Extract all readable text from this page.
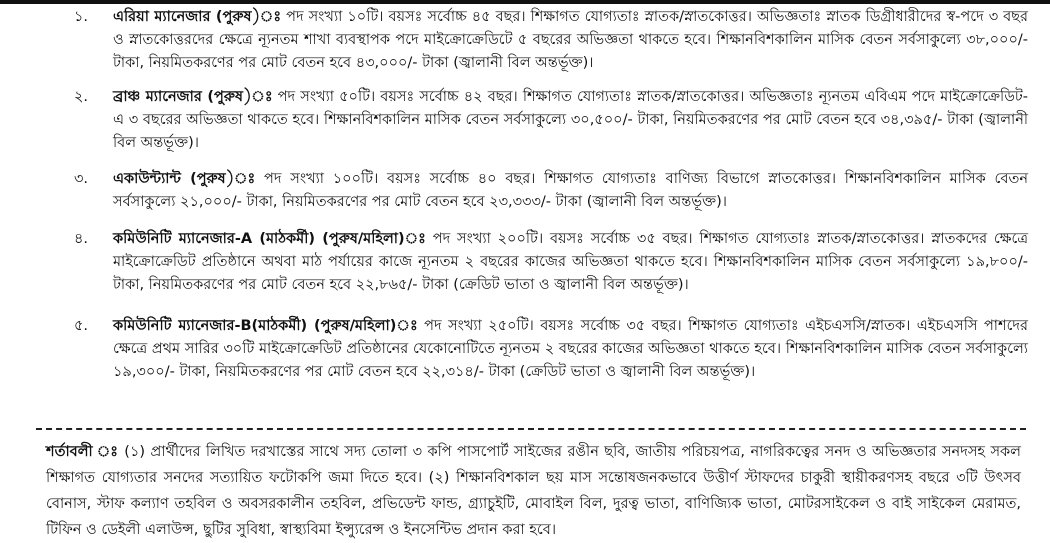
১. এরিয়া ম্যানেজার (পুরুষ)ঃ পদ সংখ্যা ১০টি। বয়সঃ সর্বোচ্চ ৪৫ বছর। শিক্ষাগত যোগ্যতাঃ স্নাতক/স্নাতকোত্তর। অভিজ্ঞতাঃ স্নাতক ডিগ্রীধারীদের স্ব-পদে ৩ বছর ও স্নাতকোত্তরদের ক্ষেত্রে ন্যূনতম শাখা ব্যবস্থাপক পদে মাইক্রোক্রেডিটে ৫ বছরের অভিজ্ঞতা থাকতে হবে। শিক্ষানবিশকালিন মাসিক বেতন সর্বসাকুল্যে ৩৮,০০০/-টাকা, নিয়মিতকরণের পর মোট বেতন হবে ৪৩,০০০/- টাকা (জ্বালানী বিল অন্তর্ভূক্ত)।
২. ব্রাঞ্চ ম্যানেজার (পুরুষ)ঃ পদ সংখ্যা ৫০টি। বয়সঃ সর্বোচ্চ ৪২ বছর। শিক্ষাগত যোগ্যতাঃ স্নাতক/স্নাতকোত্তর। অভিজ্ঞতাঃ ন্যূনতম এবিএম পদে মাইক্রোক্রেডিট-এ ৩ বছরের অভিজ্ঞতা থাকতে হবে। শিক্ষানবিশকালিন মাসিক বেতন সর্বসাকুল্যে ৩০,৫০০/- টাকা, নিয়মিতকরণের পর মোট বেতন হবে ৩৪,৩৯৫/- টাকা (জ্বালানী বিল অন্তর্ভূক্ত)।
৩. একাউন্ট্যান্ট (পুরুষ)ঃ পদ সংখ্যা ১০০টি। বয়সঃ সর্বোচ্চ ৪০ বছর। শিক্ষাগত যোগ্যতাঃ বাণিজ্য বিভাগে স্নাতকোত্তর। শিক্ষানবিশকালিন মাসিক বেতন সর্বসাকুল্যে ২১,০০০/- টাকা, নিয়মিতকরণের পর মোট বেতন হবে ২৩,৩৩৩/- টাকা (জ্বালানী বিল অন্তর্ভূক্ত)।
৪. কমিউনিটি ম্যানেজার-A (মাঠকর্মী) (পুরুষ/মহিলা)ঃ পদ সংখ্যা ২০০টি। বয়সঃ সর্বোচ্চ ৩৫ বছর। শিক্ষাগত যোগ্যতাঃ স্নাতক/স্নাতকোত্তর। স্নাতকদের ক্ষেত্রে মাইক্রোক্রেডিট প্রতিষ্ঠানে অথবা মাঠ পর্যায়ের কাজে ন্যূনতম ২ বছরের কাজের অভিজ্ঞতা থাকতে হবে। শিক্ষানবিশকালিন মাসিক বেতন সর্বসাকুল্যে ১৯,৮০০/- টাকা, নিয়মিতকরণের পর মোট বেতন হবে ২২,৮৬৫/- টাকা (ক্রেডিট ভাতা ও জ্বালানী বিল অন্তর্ভূক্ত)।
৫. কমিউনিটি ম্যানেজার-B(মাঠকর্মী) (পুরুষ/মহিলা)ঃ পদ সংখ্যা ২৫০টি। বয়সঃ সর্বোচ্চ ৩৫ বছর। শিক্ষাগত যোগ্যতাঃ এইচএসসি/স্নাতক। এইচএসসি পাশদের ক্ষেত্রে প্রথম সারির ৩০টি মাইক্রোক্রেডিট প্রতিষ্ঠানের যেকোনোটিতে ন্যূনতম ২ বছরের কাজের অভিজ্ঞতা থাকতে হবে। শিক্ষানবিশকালিন মাসিক বেতন সর্বসাকুল্যে ১৯,৩০০/- টাকা, নিয়মিতকরণের পর মোট বেতন হবে ২২,৩১৪/- টাকা (ক্রেডিট ভাতা ও জ্বালানী বিল অন্তর্ভূক্ত)।
শর্তাবলী ঃ (১) প্রার্থীদের লিখিত দরখাস্তের সাথে সদ্য তোলা ৩ কপি পাসপোর্ট সাইজের রঙীন ছবি, জাতীয় পরিচয়পত্র, নাগরিকত্বের সনদ ও অভিজ্ঞতার সনদসহ সকল শিক্ষাগত যোগ্যতার সনদের সত্যায়িত ফটোকপি জমা দিতে হবে। (২) শিক্ষানবিশকাল ছয় মাস সন্তোষজনকভাবে উত্তীর্ণ স্টাফদের চাকুরী স্থায়ীকরণসহ বছরে ৩টি উৎসব বোনাস, স্টাফ কল্যাণ তহবিল ও অবসরকালীন তহবিল, প্রভিডেন্ট ফান্ড, গ্র্যাচুইটি, মোবাইল বিল, দুরত্ব ভাতা, বাণিজ্যিক ভাতা, মোটরসাইকেল ও বাই সাইকেল মেরামত, টিফিন ও ডেইলী এলাউন্স, ছুটির সুবিধা, স্বাস্থ্যবিমা ইন্স্যুরেন্স ও ইনসেন্টিভ প্রদান করা হবে।
